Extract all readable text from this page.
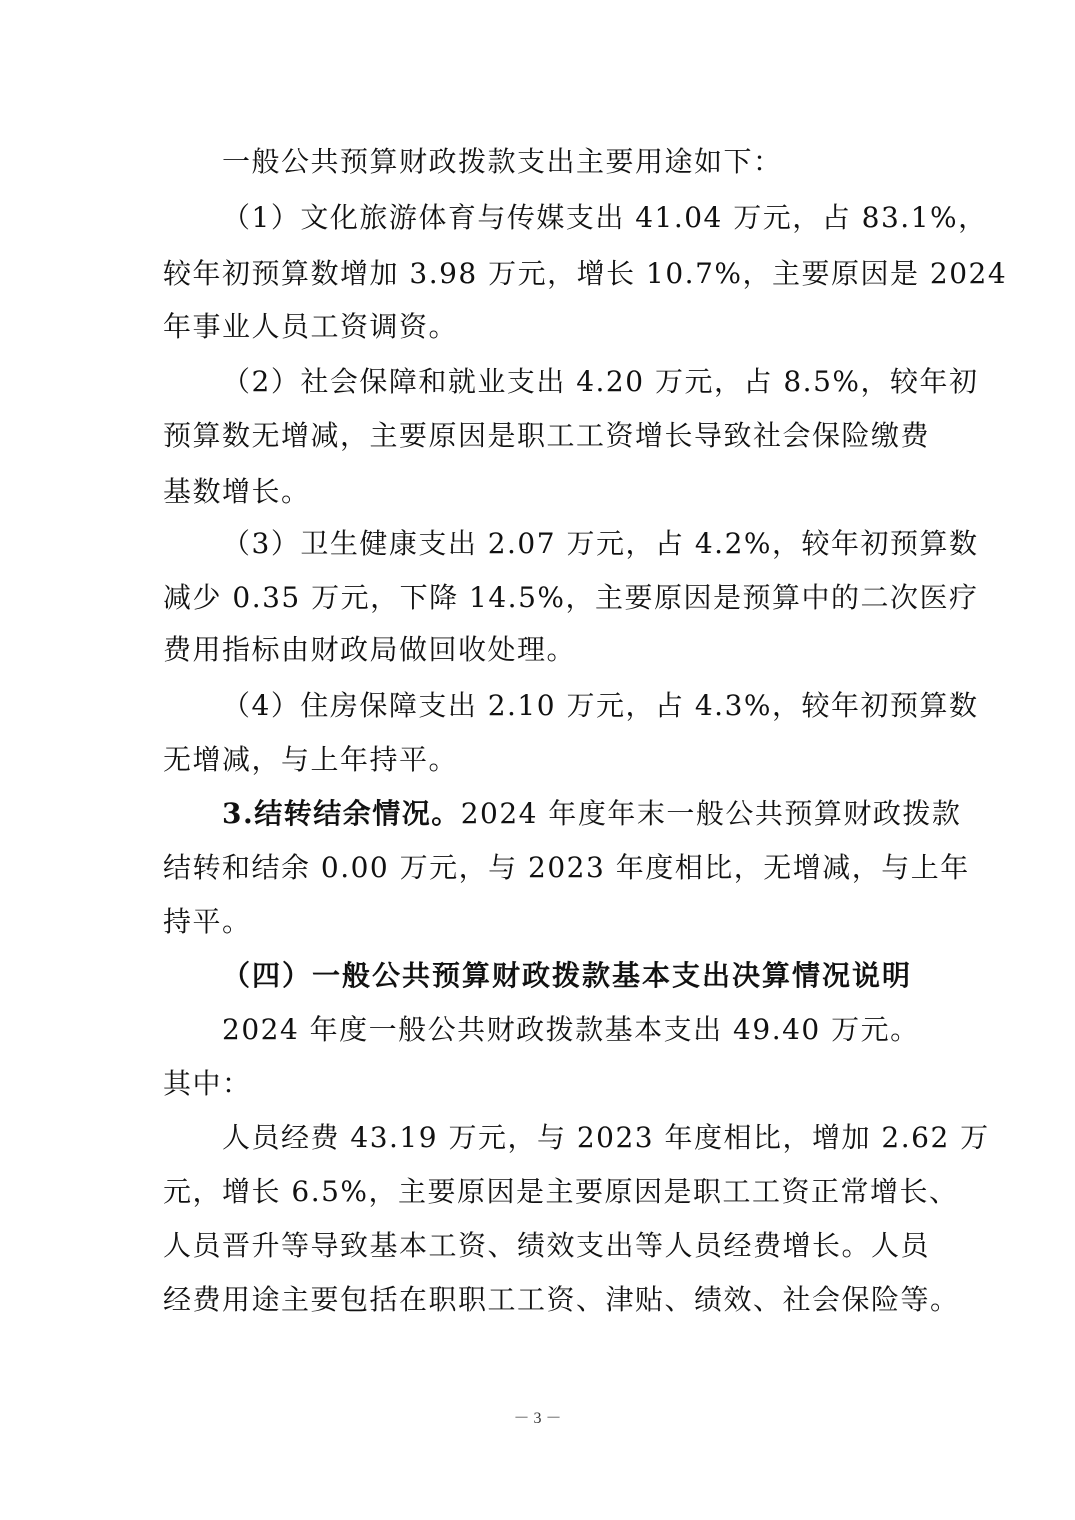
一般公共预算财政拨款支出主要用途如下：
（1）文化旅游体育与传媒支出 41.04 万元，占 83.1%，
较年初预算数增加 3.98 万元，增长 10.7%，主要原因是 2024
年事业人员工资调资。
（2）社会保障和就业支出 4.20 万元，占 8.5%，较年初
预算数无增减，主要原因是职工工资增长导致社会保险缴费
基数增长。
（3）卫生健康支出 2.07 万元，占 4.2%，较年初预算数
减少 0.35 万元，下降 14.5%，主要原因是预算中的二次医疗
费用指标由财政局做回收处理。
（4）住房保障支出 2.10 万元，占 4.3%，较年初预算数
无增减，与上年持平。
3.结转结余情况。2024 年度年末一般公共预算财政拨款
结转和结余 0.00 万元，与 2023 年度相比，无增减，与上年
持平。
（四）一般公共预算财政拨款基本支出决算情况说明
2024 年度一般公共财政拨款基本支出 49.40 万元。
其中：
人员经费 43.19 万元，与 2023 年度相比，增加 2.62 万
元，增长 6.5%，主要原因是主要原因是职工工资正常增长、
人员晋升等导致基本工资、绩效支出等人员经费增长。人员
经费用途主要包括在职职工工资、津贴、绩效、社会保险等。
－ 3 －
